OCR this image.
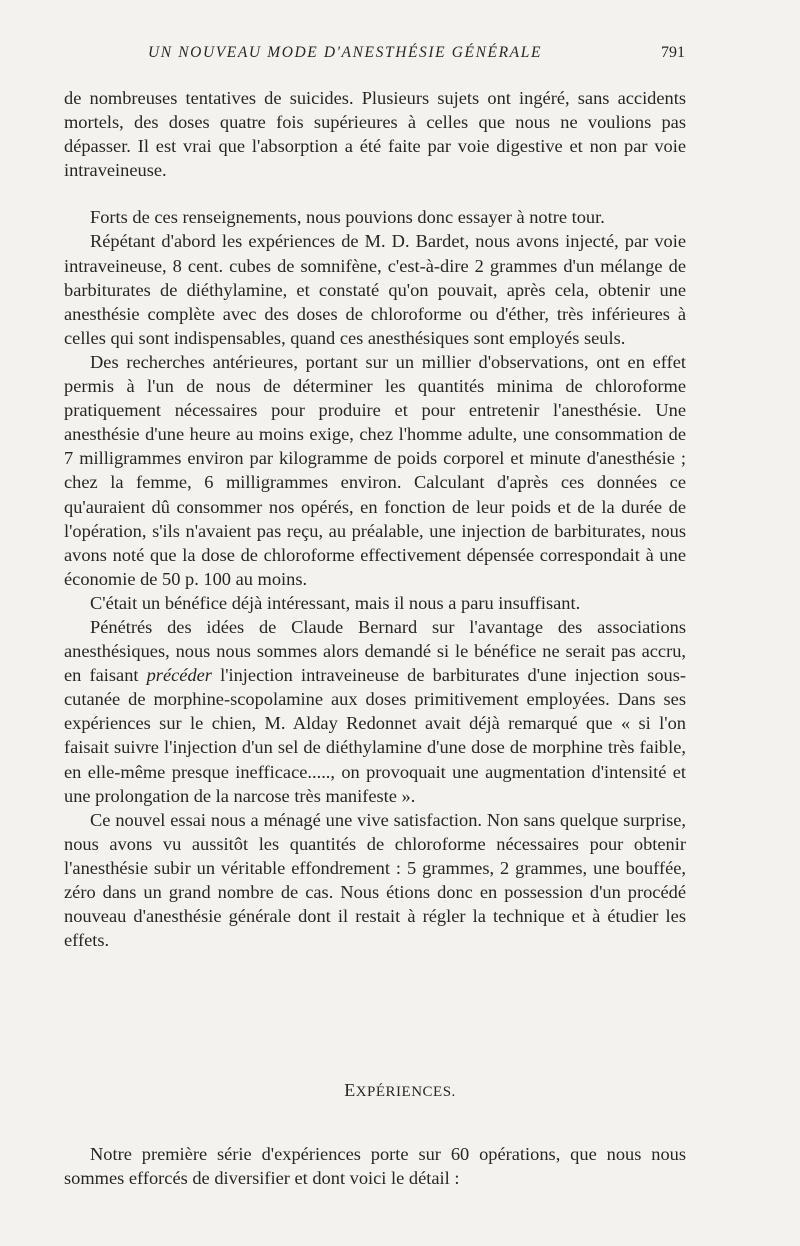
UN NOUVEAU MODE D'ANESTHÉSIE GÉNÉRALE	791

de nombreuses tentatives de suicides. Plusieurs sujets ont ingéré, sans accidents mortels, des doses quatre fois supérieures à celles que nous ne voulions pas dépasser. Il est vrai que l'absorption a été faite par voie digestive et non par voie intraveineuse.

Forts de ces renseignements, nous pouvions donc essayer à notre tour.

Répétant d'abord les expériences de M. D. Bardet, nous avons injecté, par voie intraveineuse, 8 cent. cubes de somnifène, c'est-à-dire 2 grammes d'un mélange de barbiturates de diéthylamine, et constaté qu'on pouvait, après cela, obtenir une anesthésie complète avec des doses de chloroforme ou d'éther, très inférieures à celles qui sont indispensables, quand ces anesthésiques sont employés seuls.

Des recherches antérieures, portant sur un millier d'observations, ont en effet permis à l'un de nous de déterminer les quantités minima de chloroforme pratiquement nécessaires pour produire et pour entretenir l'anesthésie. Une anesthésie d'une heure au moins exige, chez l'homme adulte, une consommation de 7 milligrammes environ par kilogramme de poids corporel et minute d'anesthésie ; chez la femme, 6 milligrammes environ. Calculant d'après ces données ce qu'auraient dû consommer nos opérés, en fonction de leur poids et de la durée de l'opération, s'ils n'avaient pas reçu, au préalable, une injection de barbiturates, nous avons noté que la dose de chloroforme effectivement dépensée correspondait à une économie de 50 p. 100 au moins.

C'était un bénéfice déjà intéressant, mais il nous a paru insuffisant.

Pénétrés des idées de Claude Bernard sur l'avantage des associations anesthésiques, nous nous sommes alors demandé si le bénéfice ne serait pas accru, en faisant précéder l'injection intraveineuse de barbiturates d'une injection sous-cutanée de morphine-scopolamine aux doses primitivement employées. Dans ses expériences sur le chien, M. Alday Redonnet avait déjà remarqué que « si l'on faisait suivre l'injection d'un sel de diéthylamine d'une dose de morphine très faible, en elle-même presque inefficace....., on provoquait une augmentation d'intensité et une prolongation de la narcose très manifeste ».

Ce nouvel essai nous a ménagé une vive satisfaction. Non sans quelque surprise, nous avons vu aussitôt les quantités de chloroforme nécessaires pour obtenir l'anesthésie subir un véritable effondrement : 5 grammes, 2 grammes, une bouffée, zéro dans un grand nombre de cas. Nous étions donc en possession d'un procédé nouveau d'anesthésie générale dont il restait à régler la technique et à étudier les effets.

EXPÉRIENCES.

Notre première série d'expériences porte sur 60 opérations, que nous nous sommes efforcés de diversifier et dont voici le détail :
